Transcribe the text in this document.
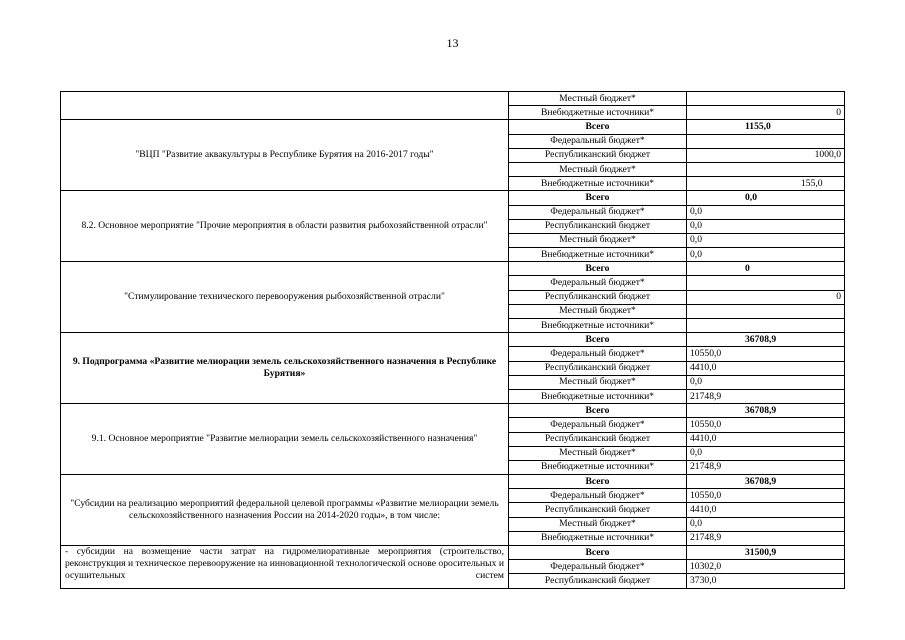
13
	Местный бюджет*	
	Внебюджетные источники*	0
"ВЦП "Развитие аквакультуры в Республике Бурятия на 2016-2017 годы"	Всего	1155,0
	Федеральный бюджет*	
	Республиканский бюджет	1000,0
	Местный бюджет*	
	Внебюджетные источники*	155,0
8.2. Основное мероприятие "Прочие мероприятия в области развития рыбохозяйственной отрасли"	Всего	0,0
	Федеральный бюджет*	0,0
	Республиканский бюджет	0,0
	Местный бюджет*	0,0
	Внебюджетные источники*	0,0
"Стимулирование технического перевооружения рыбохозяйственной отрасли"	Всего	0
	Федеральный бюджет*	
	Республиканский бюджет	0
	Местный бюджет*	
	Внебюджетные источники*	
9. Подпрограмма «Развитие мелиорации земель сельскохозяйственного назначения в Республике Бурятия»	Всего	36708,9
	Федеральный бюджет*	10550,0
	Республиканский бюджет	4410,0
	Местный бюджет*	0,0
	Внебюджетные источники*	21748,9
9.1. Основное мероприятие "Развитие мелиорации земель сельскохозяйственного назначения"	Всего	36708,9
	Федеральный бюджет*	10550,0
	Республиканский бюджет	4410,0
	Местный бюджет*	0,0
	Внебюджетные источники*	21748,9
"Субсидии на реализацию мероприятий федеральной целевой программы «Развитие мелиорации земель сельскохозяйственного назначения России на 2014-2020 годы», в том числе:	Всего	36708,9
	Федеральный бюджет*	10550,0
	Республиканский бюджет	4410,0
	Местный бюджет*	0,0
	Внебюджетные источники*	21748,9
- субсидии на возмещение части затрат на гидромелиоративные мероприятия (строительство, реконструкция и техническое перевооружение на инновационной технологической основе оросительных и осушительных систем	Всего	31500,9
	Федеральный бюджет*	10302,0
	Республиканский бюджет	3730,0
